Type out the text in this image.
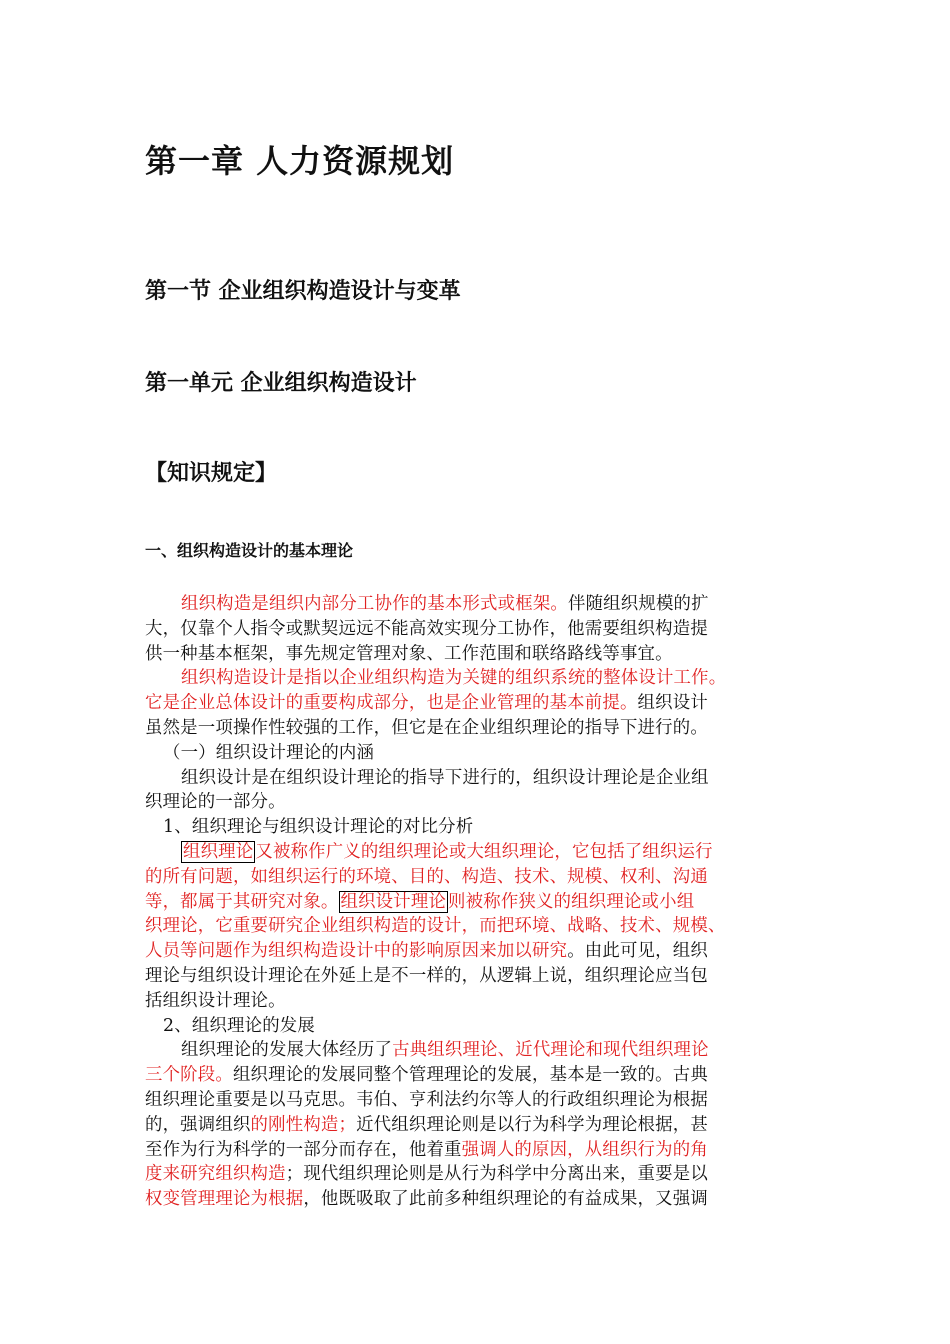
第一章 人力资源规划
第一节 企业组织构造设计与变革
第一单元 企业组织构造设计
【知识规定】
一、组织构造设计的基本理论
组织构造是组织内部分工协作的基本形式或框架。伴随组织规模的扩
大，仅靠个人指令或默契远远不能高效实现分工协作，他需要组织构造提
供一种基本框架，事先规定管理对象、工作范围和联络路线等事宜。
组织构造设计是指以企业组织构造为关键的组织系统的整体设计工作。
它是企业总体设计的重要构成部分，也是企业管理的基本前提。组织设计
虽然是一项操作性较强的工作，但它是在企业组织理论的指导下进行的。
（一）组织设计理论的内涵
组织设计是在组织设计理论的指导下进行的，组织设计理论是企业组
织理论的一部分。
1、组织理论与组织设计理论的对比分析
组织理论 又被称作广义的组织理论或大组织理论，它包括了组织运行
的所有问题，如组织运行的环境、目的、构造、技术、规模、权利、沟通
等，都属于其研究对象。 组织设计理论 则被称作狭义的组织理论或小组
织理论，它重要研究企业组织构造的设计，而把环境、战略、技术、规模、
人员等问题作为组织构造设计中的影响原因来加以研究。由此可见，组织
理论与组织设计理论在外延上是不一样的，从逻辑上说，组织理论应当包
括组织设计理论。
2、组织理论的发展
组织理论的发展大体经历了古典组织理论、近代理论和现代组织理论
三个阶段。组织理论的发展同整个管理理论的发展，基本是一致的。古典
组织理论重要是以马克思。韦伯、亨利法约尔等人的行政组织理论为根据
的，强调组织的刚性构造；近代组织理论则是以行为科学为理论根据，甚
至作为行为科学的一部分而存在，他着重强调人的原因，从组织行为的角
度来研究组织构造；现代组织理论则是从行为科学中分离出来，重要是以
权变管理理论为根据，他既吸取了此前多种组织理论的有益成果，又强调
